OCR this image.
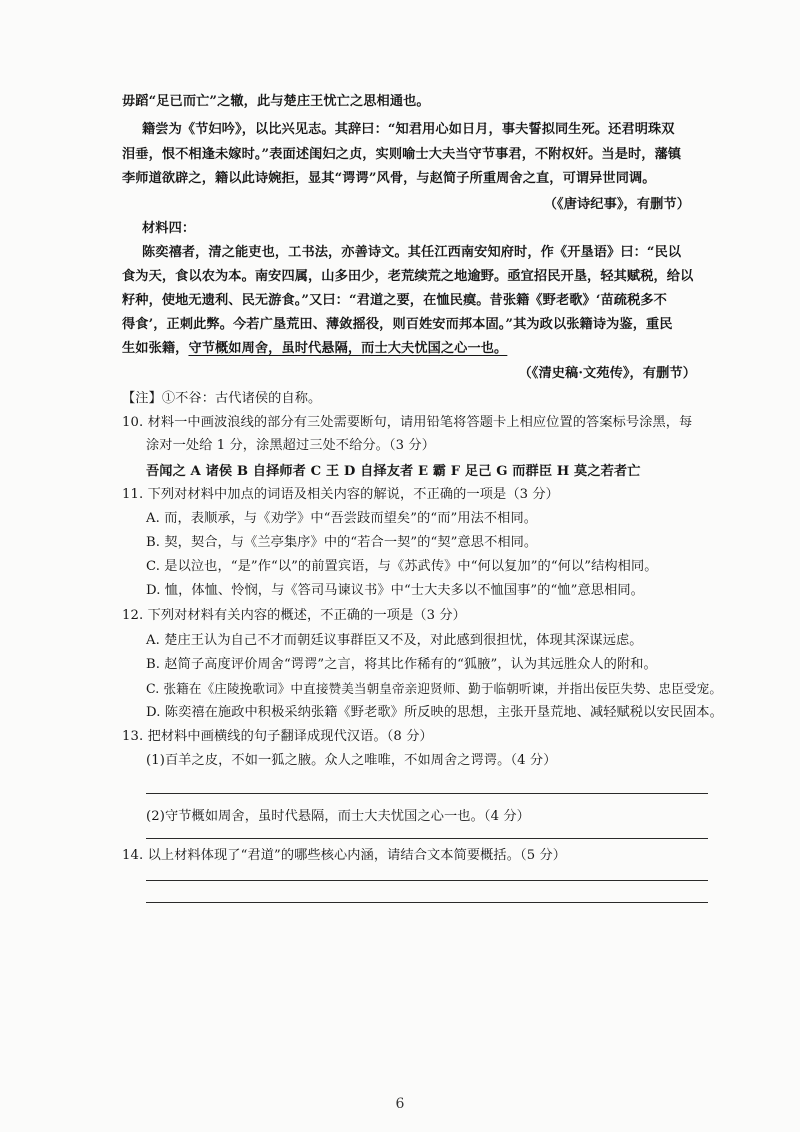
毋蹈“足已而亡”之辙，此与楚庄王忧亡之思相通也。
籍尝为《节妇吟》，以比兴见志。其辞曰：“知君用心如日月，事夫誓拟同生死。还君明珠双
泪垂，恨不相逢未嫁时。”表面述闺妇之贞，实则喻士大夫当守节事君，不附权奸。当是时，藩镇
李师道欲辟之，籍以此诗婉拒，显其“谔谔”风骨，与赵简子所重周舍之直，可谓异世同调。
（《唐诗纪事》，有删节）
材料四：
陈奕禧者，清之能吏也，工书法，亦善诗文。其任江西南安知府时，作《开垦语》曰：“民以
食为天，食以农为本。南安四属，山多田少，老荒续荒之地逾野。亟宜招民开垦，轻其赋税，给以
籽种，使地无遗利、民无游食。”又曰：“君道之要，在恤民瘼。昔张籍《野老歌》‘苗疏税多不
得食’，正刺此弊。今若广垦荒田、薄敛摇役，则百姓安而邦本固。”其为政以张籍诗为鉴，重民
生如张籍，守节概如周舍，虽时代悬隔，而士大夫忧国之心一也。
（《清史稿·文苑传》，有删节）
【注】①不谷：古代诸侯的自称。
10. 材料一中画波浪线的部分有三处需要断句，请用铅笔将答题卡上相应位置的答案标号涂黑，每
涂对一处给 1 分，涂黑超过三处不给分。（3 分）
吾闻之 A 诸侯 B 自择师者 C 王 D 自择友者 E 霸 F 足己 G 而群臣 H 莫之若者亡
11. 下列对材料中加点的词语及相关内容的解说，不正确的一项是（3 分）
A. 而，表顺承，与《劝学》中“吾尝跂而望矣”的“而”用法不相同。
B. 契，契合，与《兰亭集序》中的“若合一契”的“契”意思不相同。
C. 是以泣也，“是”作“以”的前置宾语，与《苏武传》中“何以复加”的“何以”结构相同。
D. 恤，体恤、怜悯，与《答司马谏议书》中“士大夫多以不恤国事”的“恤”意思相同。
12. 下列对材料有关内容的概述，不正确的一项是（3 分）
A. 楚庄王认为自己不才而朝廷议事群臣又不及，对此感到很担忧，体现其深谋远虑。
B. 赵简子高度评价周舍“谔谔”之言，将其比作稀有的“狐腋”，认为其远胜众人的附和。
C. 张籍在《庄陵挽歌词》中直接赞美当朝皇帝亲迎贤师、勤于临朝听谏，并指出佞臣失势、忠臣受宠。
D. 陈奕禧在施政中积极采纳张籍《野老歌》所反映的思想，主张开垦荒地、减轻赋税以安民固本。
13. 把材料中画横线的句子翻译成现代汉语。（8 分）
(1)百羊之皮，不如一狐之腋。众人之唯唯，不如周舍之谔谔。（4 分）
(2)守节概如周舍，虽时代悬隔，而士大夫忧国之心一也。（4 分）
14. 以上材料体现了“君道”的哪些核心内涵，请结合文本简要概括。（5 分）
6
